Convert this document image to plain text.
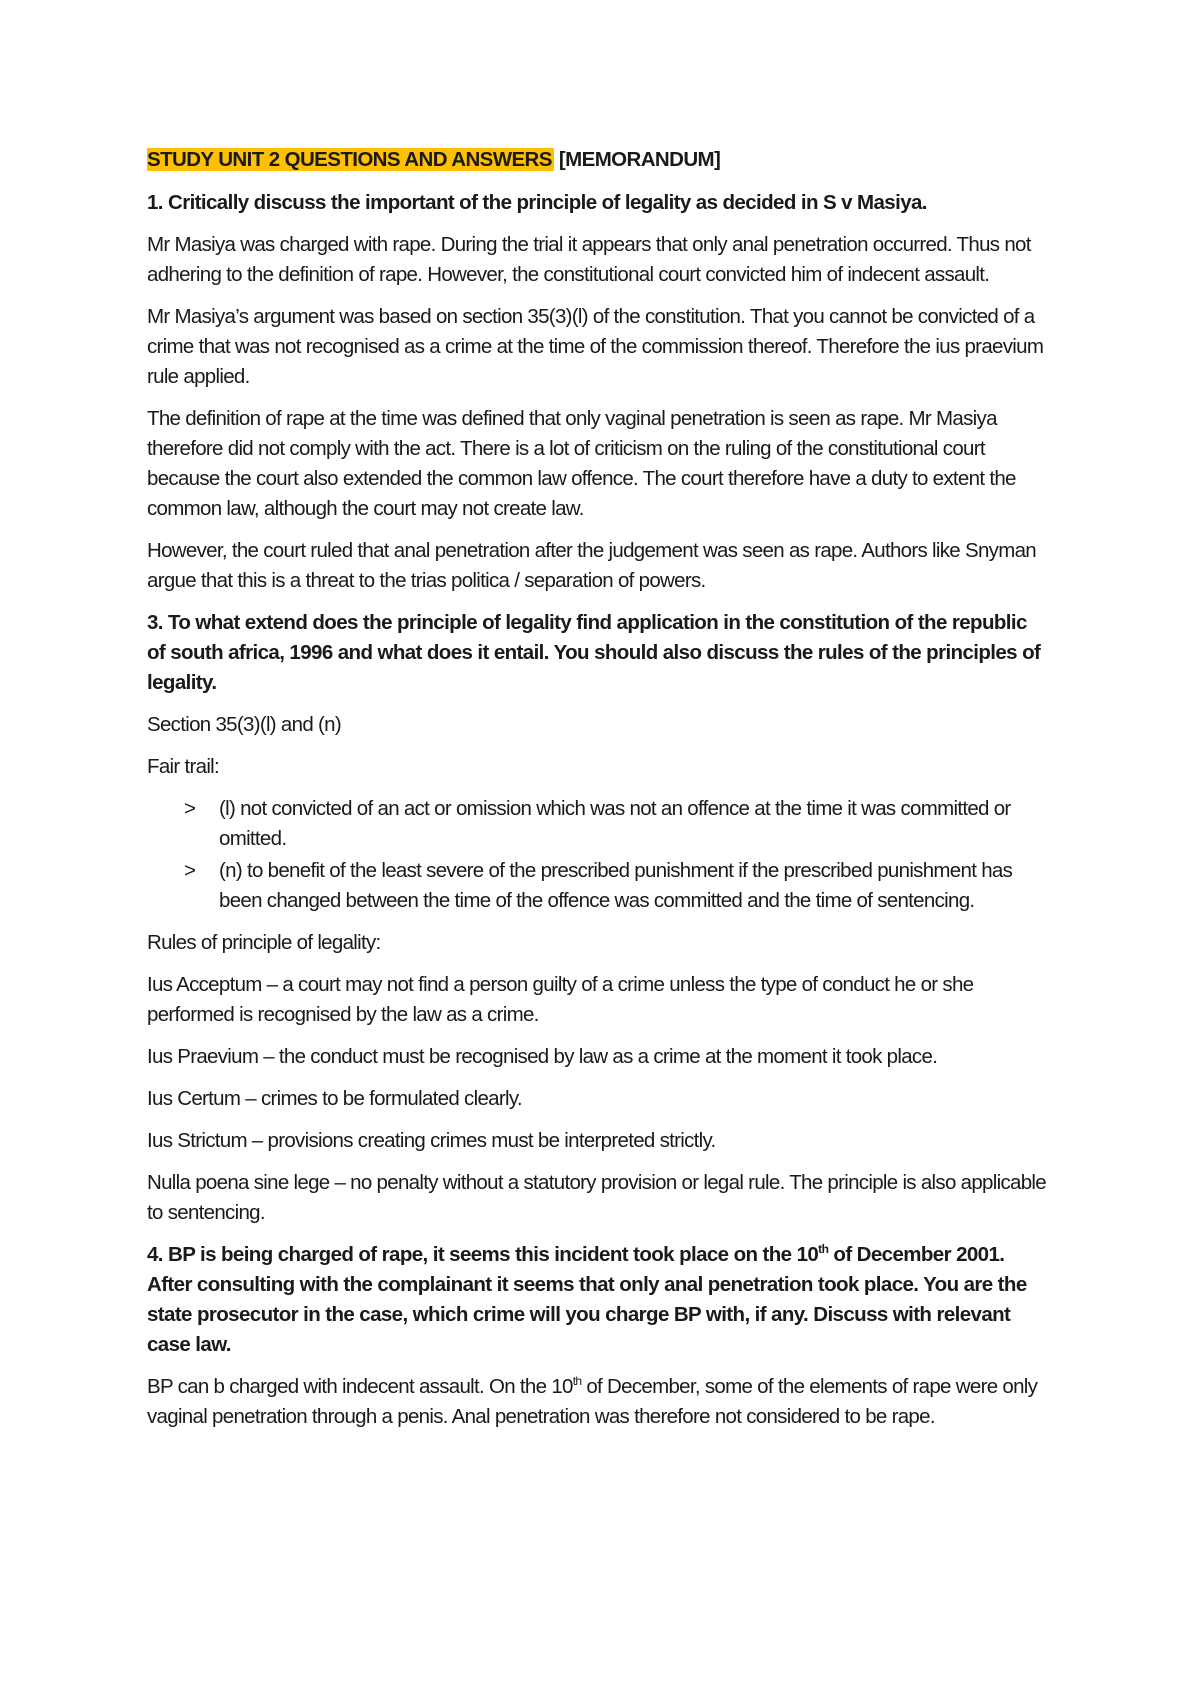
STUDY UNIT 2 QUESTIONS AND ANSWERS [MEMORANDUM]
1. Critically discuss the important of the principle of legality as decided in S v Masiya.
Mr Masiya was charged with rape. During the trial it appears that only anal penetration occurred. Thus not adhering to the definition of rape. However, the constitutional court convicted him of indecent assault.
Mr Masiya’s argument was based on section 35(3)(l) of the constitution. That you cannot be convicted of a crime that was not recognised as a crime at the time of the commission thereof. Therefore the ius praevium rule applied.
The definition of rape at the time was defined that only vaginal penetration is seen as rape. Mr Masiya therefore did not comply with the act. There is a lot of criticism on the ruling of the constitutional court because the court also extended the common law offence. The court therefore have a duty to extent the common law, although the court may not create law.
However, the court ruled that anal penetration after the judgement was seen as rape. Authors like Snyman argue that this is a threat to the trias politica / separation of powers.
3. To what extend does the principle of legality find application in the constitution of the republic of south africa, 1996 and what does it entail. You should also discuss the rules of the principles of legality.
Section 35(3)(l) and (n)
Fair trail:
> (l) not convicted of an act or omission which was not an offence at the time it was committed or omitted.
> (n) to benefit of the least severe of the prescribed punishment if the prescribed punishment has been changed between the time of the offence was committed and the time of sentencing.
Rules of principle of legality:
Ius Acceptum – a court may not find a person guilty of a crime unless the type of conduct he or she performed is recognised by the law as a crime.
Ius Praevium – the conduct must be recognised by law as a crime at the moment it took place.
Ius Certum – crimes to be formulated clearly.
Ius Strictum – provisions creating crimes must be interpreted strictly.
Nulla poena sine lege – no penalty without a statutory provision or legal rule. The principle is also applicable to sentencing.
4. BP is being charged of rape, it seems this incident took place on the 10th of December 2001. After consulting with the complainant it seems that only anal penetration took place. You are the state prosecutor in the case, which crime will you charge BP with, if any. Discuss with relevant case law.
BP can b charged with indecent assault. On the 10th of December, some of the elements of rape were only vaginal penetration through a penis. Anal penetration was therefore not considered to be rape.
